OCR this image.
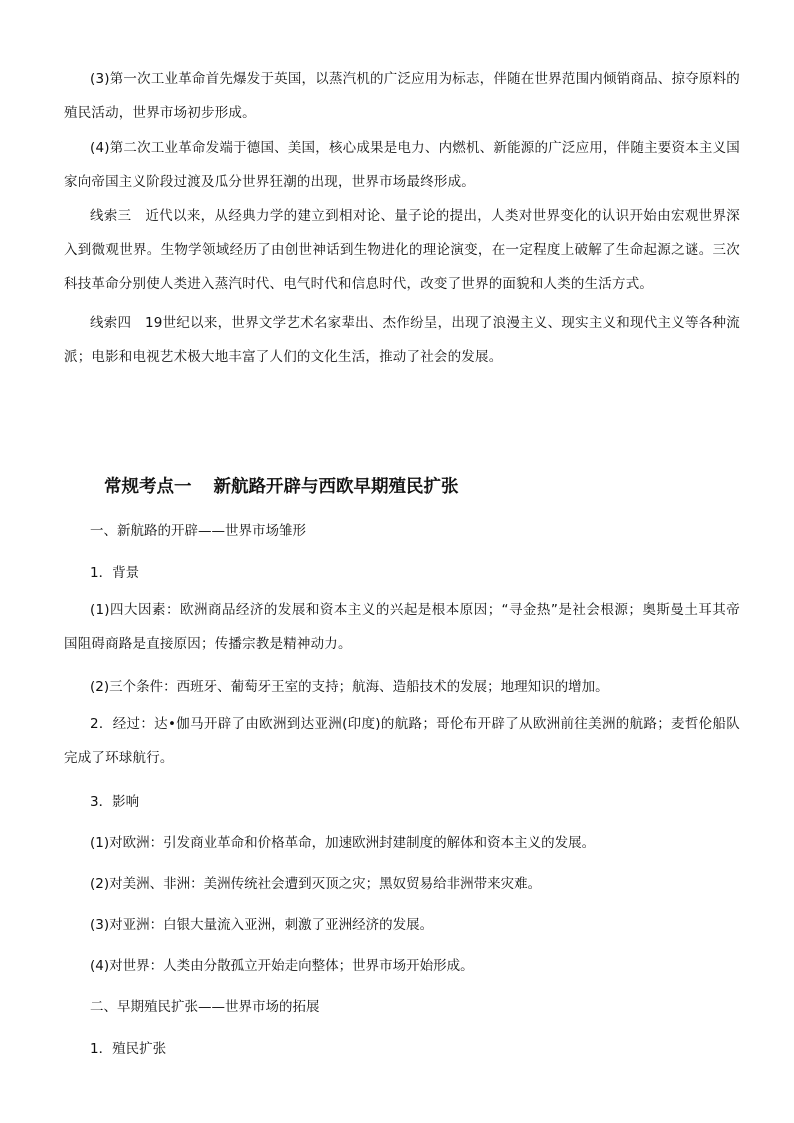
(3)第一次工业革命首先爆发于英国，以蒸汽机的广泛应用为标志，伴随在世界范围内倾销商品、掠夺原料的殖民活动，世界市场初步形成。

(4)第二次工业革命发端于德国、美国，核心成果是电力、内燃机、新能源的广泛应用，伴随主要资本主义国家向帝国主义阶段过渡及瓜分世界狂潮的出现，世界市场最终形成。

线索三　近代以来，从经典力学的建立到相对论、量子论的提出，人类对世界变化的认识开始由宏观世界深入到微观世界。生物学领域经历了由创世神话到生物进化的理论演变，在一定程度上破解了生命起源之谜。三次科技革命分别使人类进入蒸汽时代、电气时代和信息时代，改变了世界的面貌和人类的生活方式。

线索四　19世纪以来，世界文学艺术名家辈出、杰作纷呈，出现了浪漫主义、现实主义和现代主义等各种流派；电影和电视艺术极大地丰富了人们的文化生活，推动了社会的发展。

常规考点一 新航路开辟与西欧早期殖民扩张

一、新航路的开辟——世界市场雏形

1．背景

(1)四大因素：欧洲商品经济的发展和资本主义的兴起是根本原因；“寻金热”是社会根源；奥斯曼土耳其帝国阻碍商路是直接原因；传播宗教是精神动力。

(2)三个条件：西班牙、葡萄牙王室的支持；航海、造船技术的发展；地理知识的增加。

2．经过：达•伽马开辟了由欧洲到达亚洲(印度)的航路；哥伦布开辟了从欧洲前往美洲的航路；麦哲伦船队完成了环球航行。

3．影响

(1)对欧洲：引发商业革命和价格革命，加速欧洲封建制度的解体和资本主义的发展。

(2)对美洲、非洲：美洲传统社会遭到灭顶之灾；黑奴贸易给非洲带来灾难。

(3)对亚洲：白银大量流入亚洲，刺激了亚洲经济的发展。

(4)对世界：人类由分散孤立开始走向整体；世界市场开始形成。

二、早期殖民扩张——世界市场的拓展

1．殖民扩张
